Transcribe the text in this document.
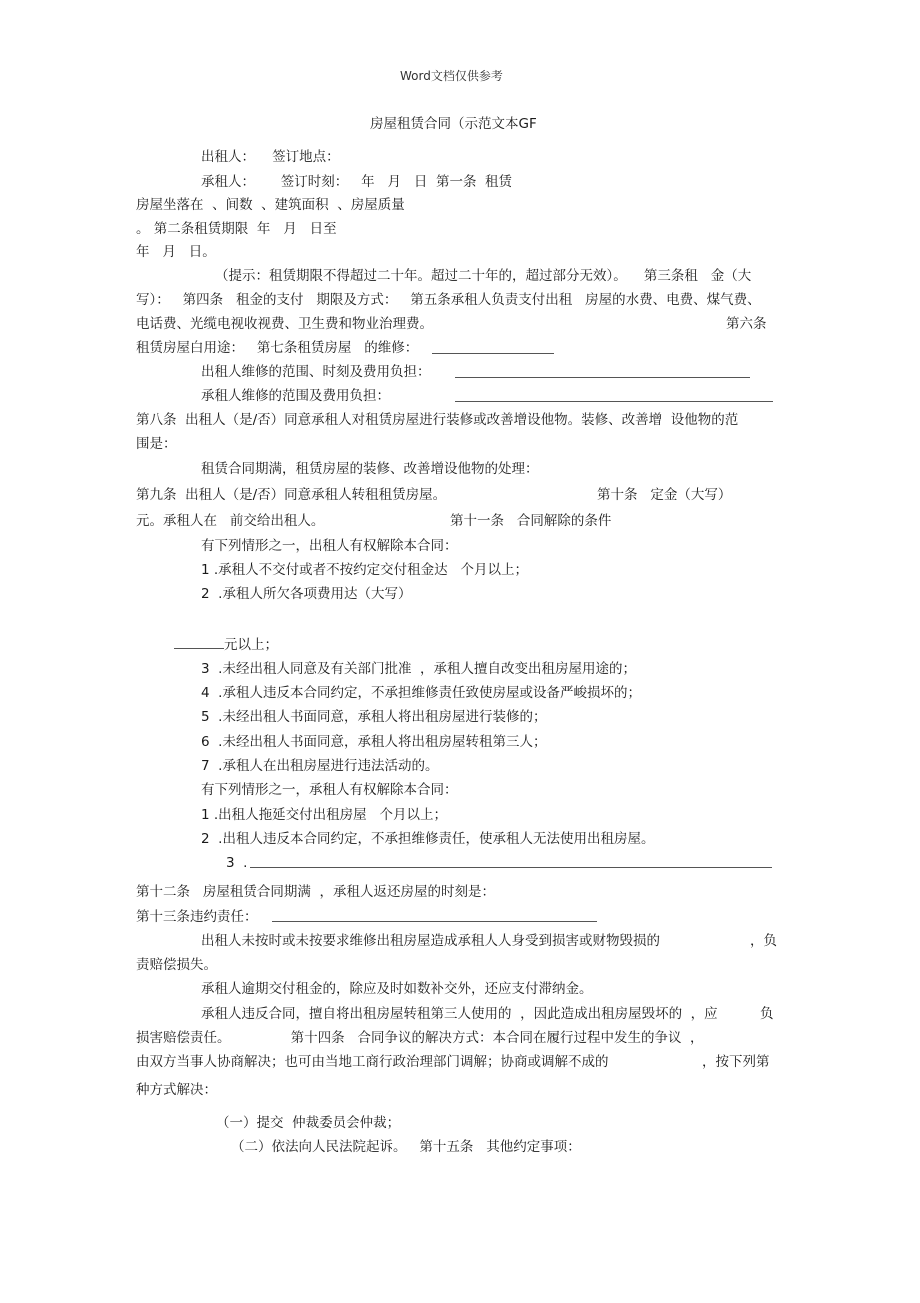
Word文档仅供参考

房屋租赁合同（示范文本GF

出租人：    签订地点：

承租人：      签订时刻：   年   月   日  第一条  租赁

房屋坐落在  、间数  、建筑面积  、房屋质量

。 第二条租赁期限  年   月   日至

年   月   日。

（提示：租赁期限不得超过二十年。超过二十年的，超过部分无效）。    第三条租   金（大

写）：   第四条   租金的支付   期限及方式：   第五条承租人负责支付出租   房屋的水费、电费、煤气费、

电话费、光缆电视收视费、卫生费和物业治理费。	第六条

租赁房屋白用途：   第七条租赁房屋   的维修：

出租人维修的范围、时刻及费用负担：

承租人维修的范围及费用负担：

第八条  出租人（是/否）同意承租人对租赁房屋进行装修或改善增设他物。装修、改善增  设他物的范

围是：

租赁合同期满，租赁房屋的装修、改善增设他物的处理：

第九条  出租人（是/否）同意承租人转租租赁房屋。	第十条   定金（大写）

元。承租人在   前交给出租人。	第十一条   合同解除的条件

有下列情形之一，出租人有权解除本合同：

1 .承租人不交付或者不按约定交付租金达   个月以上；

2  .承租人所欠各项费用达（大写）

元以上；

3  .未经出租人同意及有关部门批准  ，承租人擅自改变出租房屋用途的；

4  .承租人违反本合同约定，不承担维修责任致使房屋或设备严峻损坏的；

5  .未经出租人书面同意，承租人将出租房屋进行装修的；

6  .未经出租人书面同意，承租人将出租房屋转租第三人；

7  .承租人在出租房屋进行违法活动的。

有下列情形之一，承租人有权解除本合同：

1 .出租人拖延交付出租房屋   个月以上；

2  .出租人违反本合同约定，不承担维修责任，使承租人无法使用出租房屋。

3  .

第十二条   房屋租赁合同期满  ，承租人返还房屋的时刻是：

第十三条违约责任：

出租人未按时或未按要求维修出租房屋造成承租人人身受到损害或财物毁损的	，负

责赔偿损失。

承租人逾期交付租金的，除应及时如数补交外，还应支付滞纳金。

承租人违反合同，擅自将出租房屋转租第三人使用的  ，因此造成出租房屋毁坏的  ，应	负

损害赔偿责任。              第十四条   合同争议的解决方式：本合同在履行过程中发生的争议  ，

由双方当事人协商解决；也可由当地工商行政治理部门调解；协商或调解不成的	，按下列第

种方式解决：

（一）提交  仲裁委员会仲裁；

（二）依法向人民法院起诉。   第十五条   其他约定事项：
